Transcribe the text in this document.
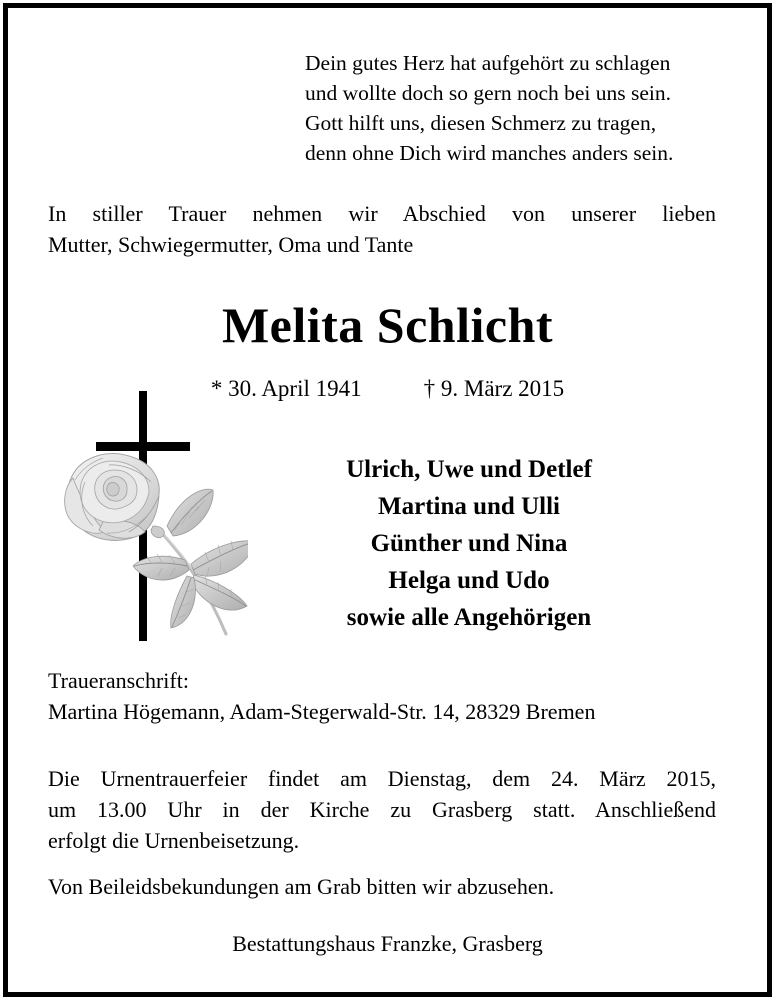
Dein gutes Herz hat aufgehört zu schlagen
und wollte doch so gern noch bei uns sein.
Gott hilft uns, diesen Schmerz zu tragen,
denn ohne Dich wird manches anders sein.
In stiller Trauer nehmen wir Abschied von unserer lieben
Mutter, Schwiegermutter, Oma und Tante
Melita Schlicht
* 30. April 1941	† 9. März 2015
Ulrich, Uwe und Detlef
Martina und Ulli
Günther und Nina
Helga und Udo
sowie alle Angehörigen
Traueranschrift:
Martina Högemann, Adam-Stegerwald-Str. 14, 28329 Bremen
Die Urnentrauerfeier findet am Dienstag, dem 24. März 2015,
um 13.00 Uhr in der Kirche zu Grasberg statt. Anschließend
erfolgt die Urnenbeisetzung.
Von Beileidsbekundungen am Grab bitten wir abzusehen.
Bestattungshaus Franzke, Grasberg
